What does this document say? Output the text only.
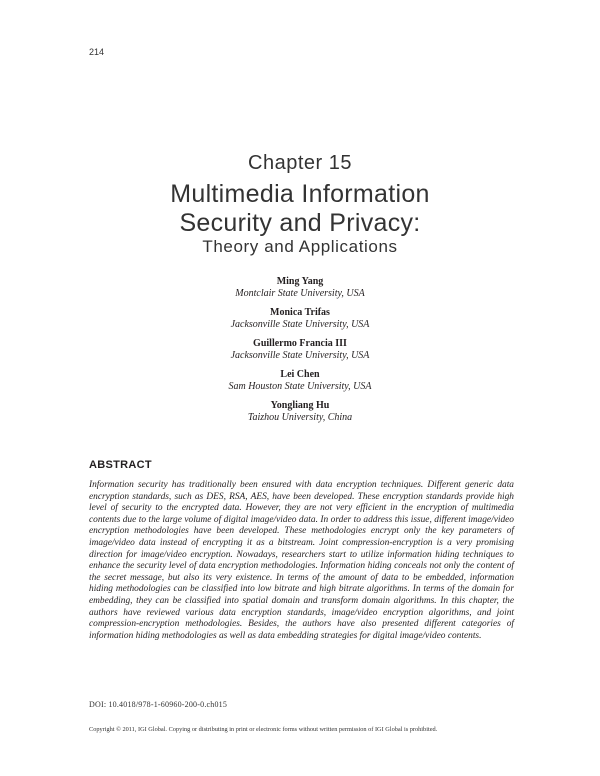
214
Chapter 15
Multimedia Information
Security and Privacy:
Theory and Applications
Ming Yang
Montclair State University, USA
Monica Trifas
Jacksonville State University, USA
Guillermo Francia III
Jacksonville State University, USA
Lei Chen
Sam Houston State University, USA
Yongliang Hu
Taizhou University, China
ABSTRACT
Information security has traditionally been ensured with data encryption techniques. Different generic data encryption standards, such as DES, RSA, AES, have been developed. These encryption standards provide high level of security to the encrypted data. However, they are not very efficient in the encryption of multimedia contents due to the large volume of digital image/video data. In order to address this issue, different image/video encryption methodologies have been developed. These methodologies encrypt only the key parameters of image/video data instead of encrypting it as a bitstream. Joint compression-encryption is a very promising direction for image/video encryption. Nowadays, researchers start to utilize information hiding techniques to enhance the security level of data encryption methodologies. Information hiding conceals not only the content of the secret message, but also its very existence. In terms of the amount of data to be embedded, information hiding methodologies can be classified into low bitrate and high bitrate algorithms. In terms of the domain for embedding, they can be classified into spatial domain and transform domain algorithms. In this chapter, the authors have reviewed various data encryption standards, image/video encryption algorithms, and joint compression-encryption methodologies. Besides, the authors have also presented different categories of information hiding methodologies as well as data embedding strategies for digital image/video contents.
DOI: 10.4018/978-1-60960-200-0.ch015
Copyright © 2011, IGI Global. Copying or distributing in print or electronic forms without written permission of IGI Global is prohibited.
